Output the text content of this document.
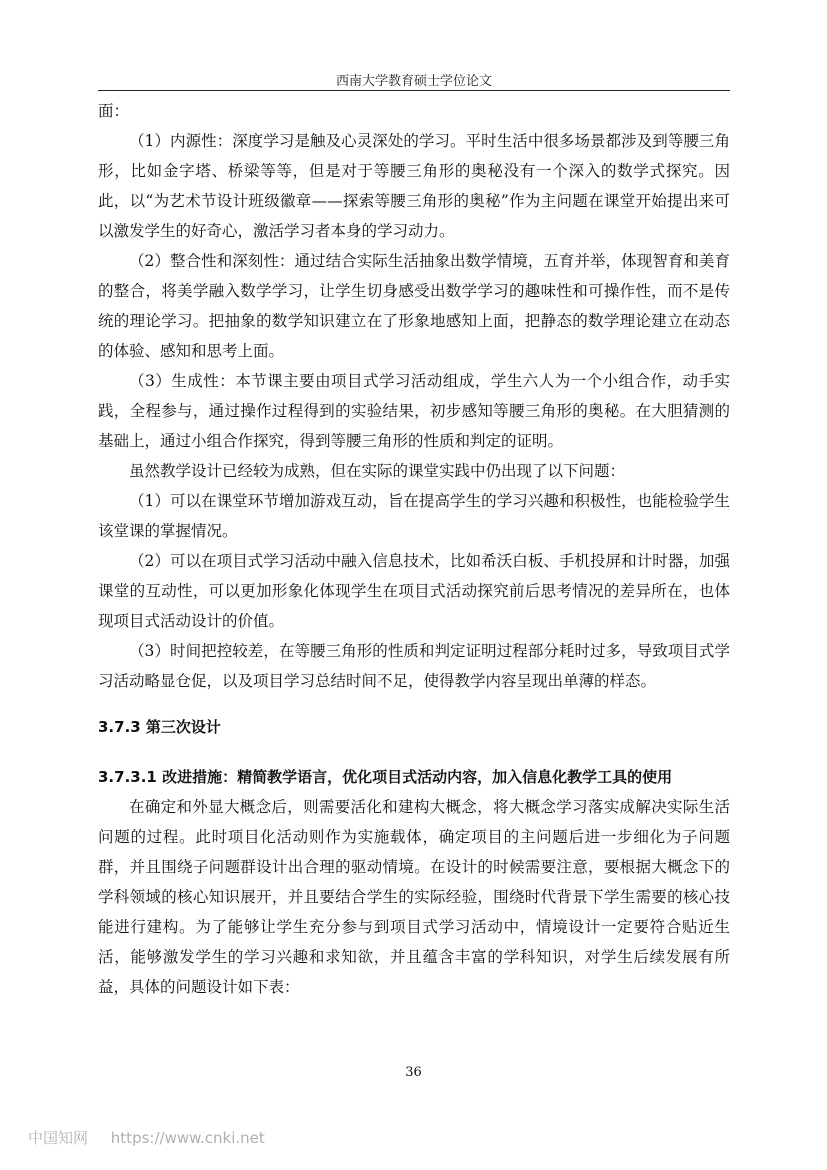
西南大学教育硕士学位论文

面：

（1）内源性：深度学习是触及心灵深处的学习。平时生活中很多场景都涉及到等腰三角形，比如金字塔、桥梁等等，但是对于等腰三角形的奥秘没有一个深入的数学式探究。因此，以“为艺术节设计班级徽章——探索等腰三角形的奥秘”作为主问题在课堂开始提出来可以激发学生的好奇心，激活学习者本身的学习动力。

（2）整合性和深刻性：通过结合实际生活抽象出数学情境，五育并举，体现智育和美育的整合，将美学融入数学学习，让学生切身感受出数学学习的趣味性和可操作性，而不是传统的理论学习。把抽象的数学知识建立在了形象地感知上面，把静态的数学理论建立在动态的体验、感知和思考上面。

（3）生成性：本节课主要由项目式学习活动组成，学生六人为一个小组合作，动手实践，全程参与，通过操作过程得到的实验结果，初步感知等腰三角形的奥秘。在大胆猜测的基础上，通过小组合作探究，得到等腰三角形的性质和判定的证明。

虽然教学设计已经较为成熟，但在实际的课堂实践中仍出现了以下问题：

（1）可以在课堂环节增加游戏互动，旨在提高学生的学习兴趣和积极性，也能检验学生该堂课的掌握情况。

（2）可以在项目式学习活动中融入信息技术，比如希沃白板、手机投屏和计时器，加强课堂的互动性，可以更加形象化体现学生在项目式活动探究前后思考情况的差异所在，也体现项目式活动设计的价值。

（3）时间把控较差，在等腰三角形的性质和判定证明过程部分耗时过多，导致项目式学习活动略显仓促，以及项目学习总结时间不足，使得教学内容呈现出单薄的样态。

3.7.3 第三次设计

3.7.3.1 改进措施：精简教学语言，优化项目式活动内容，加入信息化教学工具的使用

在确定和外显大概念后，则需要活化和建构大概念，将大概念学习落实成解决实际生活问题的过程。此时项目化活动则作为实施载体，确定项目的主问题后进一步细化为子问题群，并且围绕子问题群设计出合理的驱动情境。在设计的时候需要注意，要根据大概念下的学科领域的核心知识展开，并且要结合学生的实际经验，围绕时代背景下学生需要的核心技能进行建构。为了能够让学生充分参与到项目式学习活动中，情境设计一定要符合贴近生活，能够激发学生的学习兴趣和求知欲，并且蕴含丰富的学科知识，对学生后续发展有所益，具体的问题设计如下表：

36
中国知网 https://www.cnki.net
